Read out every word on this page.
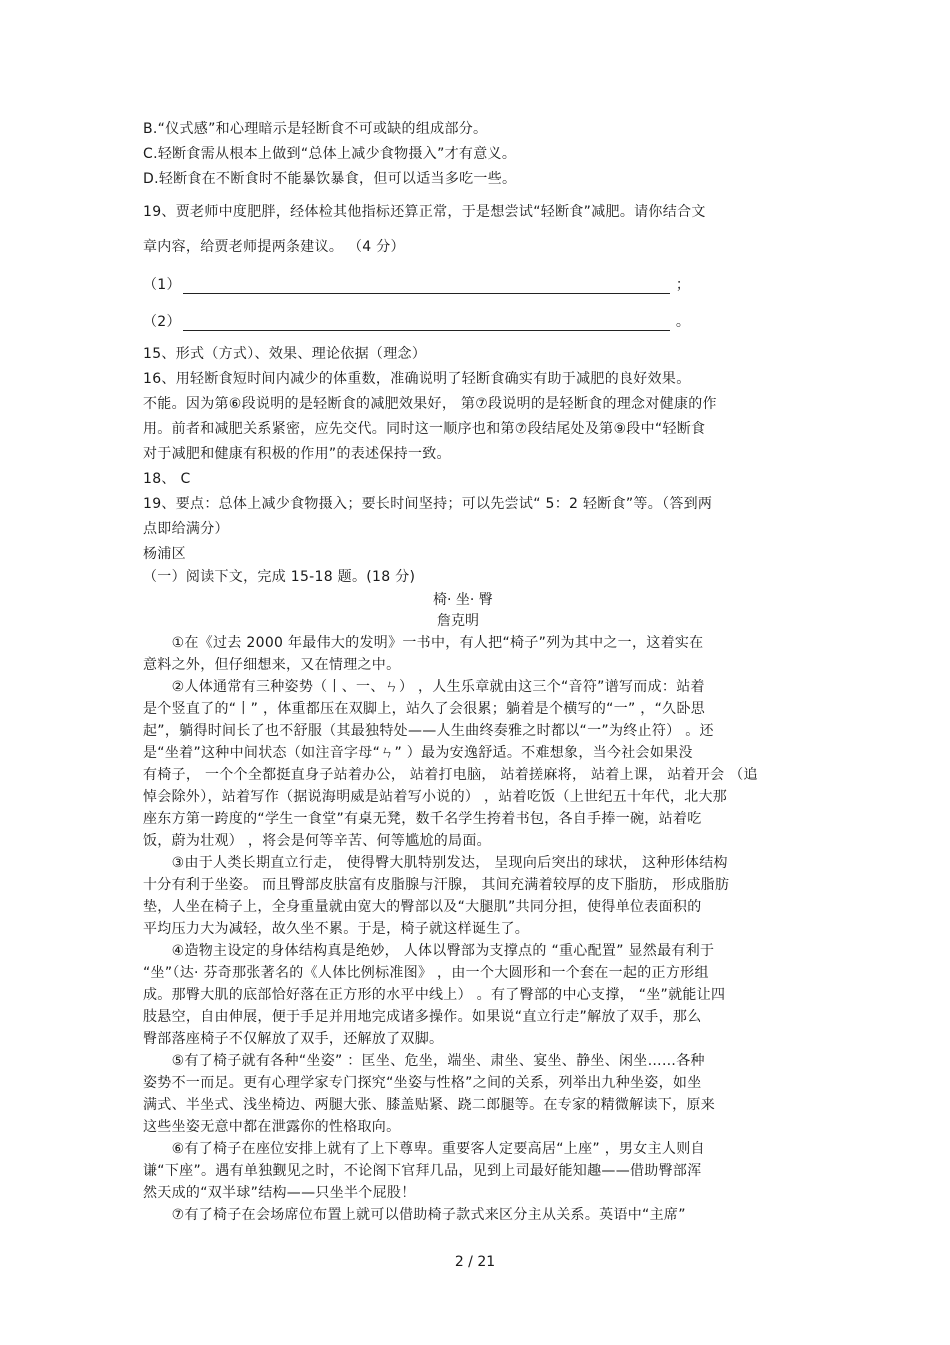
B.“仪式感”和心理暗示是轻断食不可或缺的组成部分。
C.轻断食需从根本上做到“总体上减少食物摄入”才有意义。
D.轻断食在不断食时不能暴饮暴食，但可以适当多吃一些。
19、贾老师中度肥胖，经体检其他指标还算正常，于是想尝试“轻断食”减肥。请你结合文
章内容，给贾老师提两条建议。 （4 分）
（1）	；
（2）	。
15、形式（方式）、效果、理论依据（理念）
16、用轻断食短时间内减少的体重数，准确说明了轻断食确实有助于减肥的良好效果。
不能。因为第⑥段说明的是轻断食的减肥效果好， 第⑦段说明的是轻断食的理念对健康的作
用。前者和减肥关系紧密，应先交代。同时这一顺序也和第⑦段结尾处及第⑨段中“轻断食
对于减肥和健康有积极的作用”的表述保持一致。
18、 C
19、要点：总体上减少食物摄入；要长时间坚持；可以先尝试“ 5：2 轻断食”等。（答到两
点即给满分）
杨浦区
（一）阅读下文，完成 15-18 题。(18 分)
椅· 坐· 臀
詹克明
　　①在《过去 2000 年最伟大的发明》一书中，有人把“椅子”列为其中之一，这着实在
意料之外，但仔细想来，又在情理之中。
　　②人体通常有三种姿势（丨、一、ㄣ） ，人生乐章就由这三个“音符”谱写而成：站着
是个竖直了的“丨” ，体重都压在双脚上，站久了会很累；躺着是个横写的“一” ，“久卧思
起”，躺得时间长了也不舒服（其最独特处——人生曲终奏雅之时都以“一”为终止符） 。还
是“坐着”这种中间状态（如注音字母“ㄣ” ）最为安逸舒适。不难想象，当今社会如果没
有椅子， 一个个全都挺直身子站着办公， 站着打电脑， 站着搓麻将， 站着上课， 站着开会 （追
悼会除外），站着写作（据说海明威是站着写小说的） ，站着吃饭（上世纪五十年代，北大那
座东方第一跨度的“学生一食堂”有桌无凳，数千名学生挎着书包，各自手捧一碗，站着吃
饭，蔚为壮观） ，将会是何等辛苦、何等尴尬的局面。
　　③由于人类长期直立行走， 使得臀大肌特别发达， 呈现向后突出的球状， 这种形体结构
十分有利于坐姿。 而且臀部皮肤富有皮脂腺与汗腺， 其间充满着较厚的皮下脂肪， 形成脂肪
垫，人坐在椅子上，全身重量就由宽大的臀部以及“大腿肌”共同分担，使得单位表面积的
平均压力大为减轻，故久坐不累。于是，椅子就这样诞生了。
　　④造物主设定的身体结构真是绝妙， 人体以臀部为支撑点的 “重心配置” 显然最有利于
“坐”（达· 芬奇那张著名的《人体比例标准图》 ，由一个大圆形和一个套在一起的正方形组
成。那臀大肌的底部恰好落在正方形的水平中线上） 。有了臀部的中心支撑， “坐”就能让四
肢悬空，自由伸展，便于手足并用地完成诸多操作。如果说“直立行走”解放了双手，那么
臀部落座椅子不仅解放了双手，还解放了双脚。
　　⑤有了椅子就有各种“坐姿” ：匡坐、危坐，端坐、肃坐、宴坐、静坐、闲坐……各种
姿势不一而足。更有心理学家专门探究“坐姿与性格”之间的关系，列举出九种坐姿，如坐
满式、半坐式、浅坐椅边、两腿大张、膝盖贴紧、跷二郎腿等。在专家的精微解读下，原来
这些坐姿无意中都在泄露你的性格取向。
　　⑥有了椅子在座位安排上就有了上下尊卑。重要客人定要高居“上座” ，男女主人则自
谦“下座”。遇有单独觐见之时，不论阁下官拜几品，见到上司最好能知趣——借助臀部浑
然天成的“双半球”结构——只坐半个屁股！
　　⑦有了椅子在会场席位布置上就可以借助椅子款式来区分主从关系。英语中“主席”
2 / 21
